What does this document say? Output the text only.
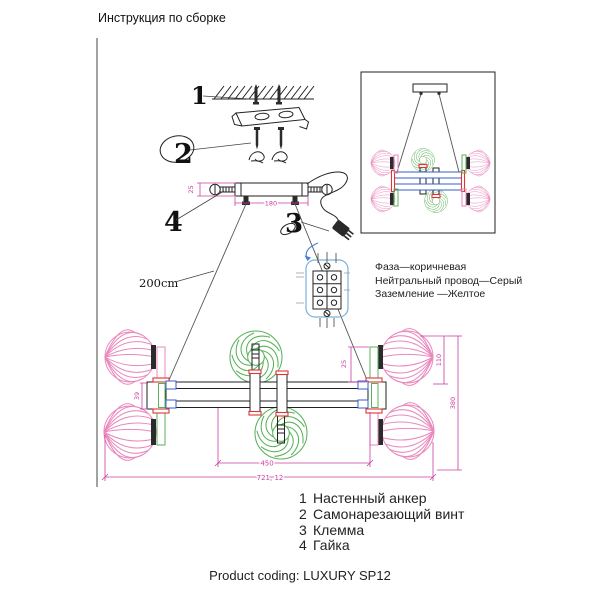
25
180
1
2
3
4
200cm
39
25	110
380
450
721, 12
Инструкция по сборке
Фаза—коричневая
Нейтральный провод—Серый
Заземление —Желтое
1 Настенный анкер
2 Самонарезающий винт
3 Клемма
4 Гайка
Product coding: LUXURY SP12
